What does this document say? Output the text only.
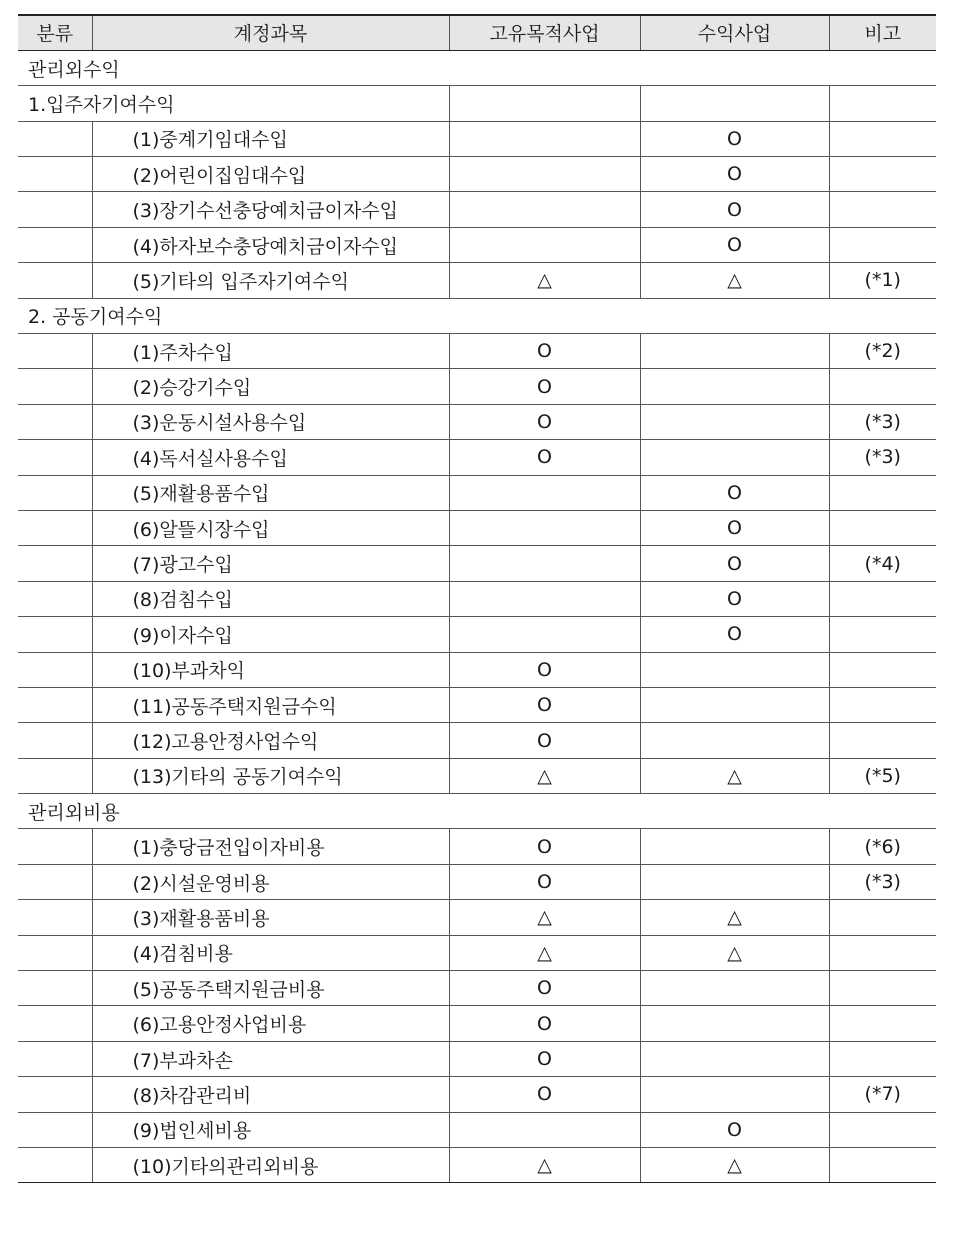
분류	계정과목	고유목적사업	수익사업	비고
관리외수익				
1.입주자기여수익				
	(1)중계기임대수입		O	
	(2)어린이집임대수입		O	
	(3)장기수선충당예치금이자수입		O	
	(4)하자보수충당예치금이자수입		O	
	(5)기타의 입주자기여수익	△	△	(*1)
2. 공동기여수익				
	(1)주차수입	O		(*2)
	(2)승강기수입	O		
	(3)운동시설사용수입	O		(*3)
	(4)독서실사용수입	O		(*3)
	(5)재활용품수입		O	
	(6)알뜰시장수입		O	
	(7)광고수입		O	(*4)
	(8)검침수입		O	
	(9)이자수입		O	
	(10)부과차익	O		
	(11)공동주택지원금수익	O		
	(12)고용안정사업수익	O		
	(13)기타의 공동기여수익	△	△	(*5)
관리외비용				
	(1)충당금전입이자비용	O		(*6)
	(2)시설운영비용	O		(*3)
	(3)재활용품비용	△	△	
	(4)검침비용	△	△	
	(5)공동주택지원금비용	O		
	(6)고용안정사업비용	O		
	(7)부과차손	O		
	(8)차감관리비	O		(*7)
	(9)법인세비용		O	
	(10)기타의관리외비용	△	△	
